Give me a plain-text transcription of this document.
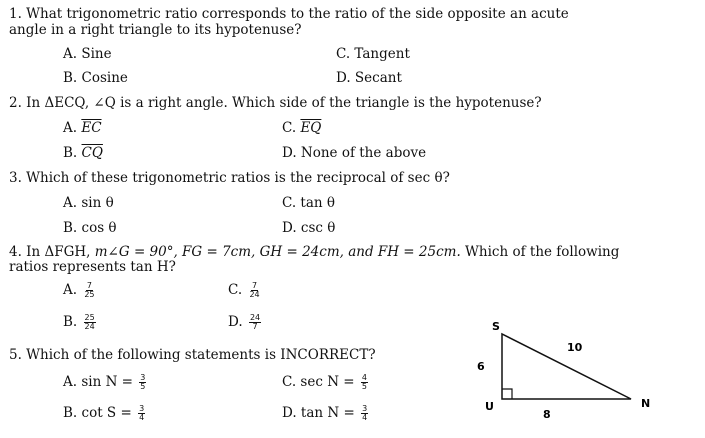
1. What trigonometric ratio corresponds to the ratio of the side opposite an acute
angle in a right triangle to its hypotenuse?
A. Sine	C. Tangent
B. Cosine	D. Secant
2. In ΔECQ, ∠Q is a right angle. Which side of the triangle is the hypotenuse?
A. $\overline{EC}$	C. $\overline{EQ}$
B. $\overline{CQ}$	D. None of the above
3. Which of these trigonometric ratios is the reciprocal of sec θ?
A. sin θ	C. tan θ
B. cos θ	D. csc θ
4. In ΔFGH, m∠G = 90°, FG = 7cm, GH = 24cm, and FH = 25cm. Which of the following
ratios represents tan H?
A. $\frac{7}{25}$	C. $\frac{7}{24}$
B. $\frac{25}{24}$	D. $\frac{24}{7}$
5. Which of the following statements is INCORRECT?
A. $\sin N = \frac{3}{5}$	C. $\sec N = \frac{4}{5}$
B. $\cot S = \frac{3}{4}$	D. $\tan N = \frac{3}{4}$
S
U	N
6
8
10
